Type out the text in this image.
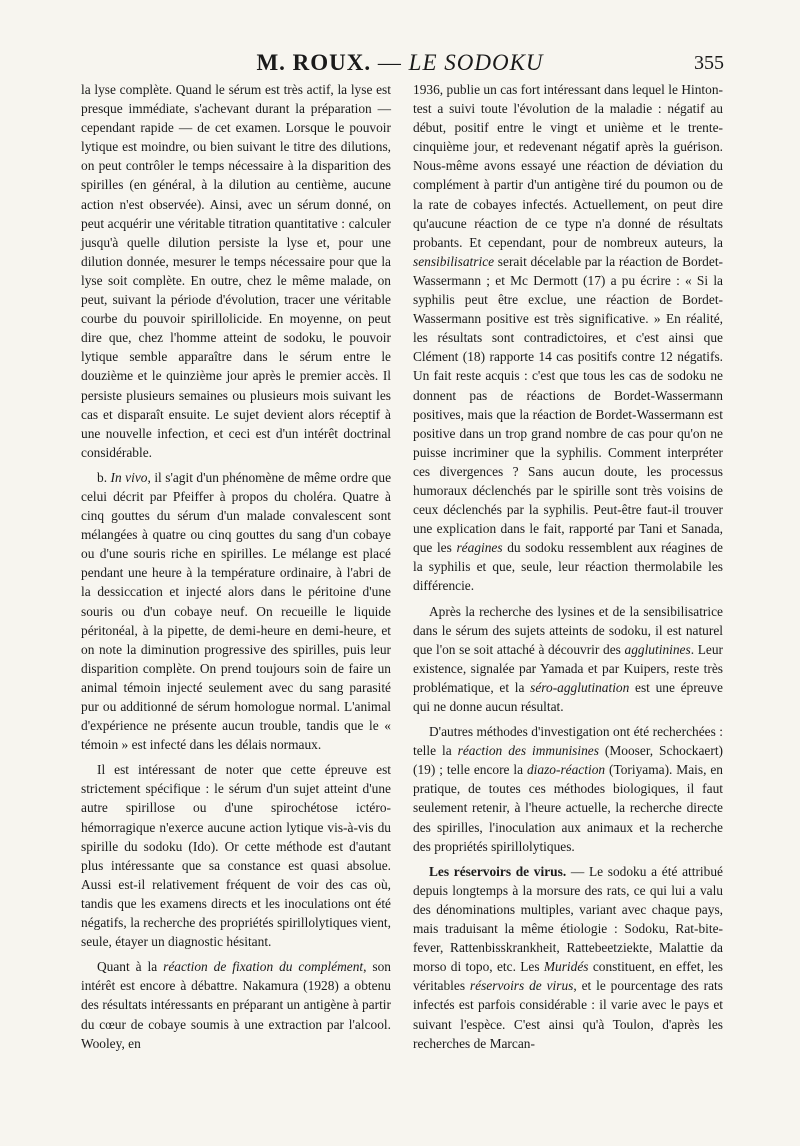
M. ROUX. — LE SODOKU	355

la lyse complète. Quand le sérum est très actif, la lyse est presque immédiate, s'achevant durant la préparation — cependant rapide — de cet examen. Lorsque le pouvoir lytique est moindre, ou bien suivant le titre des dilutions, on peut contrôler le temps nécessaire à la disparition des spirilles (en général, à la dilution au centième, aucune action n'est observée). Ainsi, avec un sérum donné, on peut acquérir une véritable titration quantitative : calculer jusqu'à quelle dilution persiste la lyse et, pour une dilution donnée, mesurer le temps nécessaire pour que la lyse soit complète. En outre, chez le même malade, on peut, suivant la période d'évolution, tracer une véritable courbe du pouvoir spirillolicide. En moyenne, on peut dire que, chez l'homme atteint de sodoku, le pouvoir lytique semble apparaître dans le sérum entre le douzième et le quinzième jour après le premier accès. Il persiste plusieurs semaines ou plusieurs mois suivant les cas et disparaît ensuite. Le sujet devient alors réceptif à une nouvelle infection, et ceci est d'un intérêt doctrinal considérable.

b. In vivo, il s'agit d'un phénomène de même ordre que celui décrit par Pfeiffer à propos du choléra. Quatre à cinq gouttes du sérum d'un malade convalescent sont mélangées à quatre ou cinq gouttes du sang d'un cobaye ou d'une souris riche en spirilles. Le mélange est placé pendant une heure à la température ordinaire, à l'abri de la dessiccation et injecté alors dans le péritoine d'une souris ou d'un cobaye neuf. On recueille le liquide péritonéal, à la pipette, de demi-heure en demi-heure, et on note la diminution progressive des spirilles, puis leur disparition complète. On prend toujours soin de faire un animal témoin injecté seulement avec du sang parasité pur ou additionné de sérum homologue normal. L'animal d'expérience ne présente aucun trouble, tandis que le « témoin » est infecté dans les délais normaux.

Il est intéressant de noter que cette épreuve est strictement spécifique : le sérum d'un sujet atteint d'une autre spirillose ou d'une spirochétose ictéro-hémorragique n'exerce aucune action lytique vis-à-vis du spirille du sodoku (Ido). Or cette méthode est d'autant plus intéressante que sa constance est quasi absolue. Aussi est-il relativement fréquent de voir des cas où, tandis que les examens directs et les inoculations ont été négatifs, la recherche des propriétés spirillolytiques vient, seule, étayer un diagnostic hésitant.

Quant à la réaction de fixation du complément, son intérêt est encore à débattre. Nakamura (1928) a obtenu des résultats intéressants en préparant un antigène à partir du cœur de cobaye soumis à une extraction par l'alcool. Wooley, en

1936, publie un cas fort intéressant dans lequel le Hinton-test a suivi toute l'évolution de la maladie : négatif au début, positif entre le vingt et unième et le trente-cinquième jour, et redevenant négatif après la guérison. Nous-même avons essayé une réaction de déviation du complément à partir d'un antigène tiré du poumon ou de la rate de cobayes infectés. Actuellement, on peut dire qu'aucune réaction de ce type n'a donné de résultats probants. Et cependant, pour de nombreux auteurs, la sensibilisatrice serait décelable par la réaction de Bordet-Wassermann ; et Mc Dermott (17) a pu écrire : « Si la syphilis peut être exclue, une réaction de Bordet-Wassermann positive est très significative. » En réalité, les résultats sont contradictoires, et c'est ainsi que Clément (18) rapporte 14 cas positifs contre 12 négatifs. Un fait reste acquis : c'est que tous les cas de sodoku ne donnent pas de réactions de Bordet-Wassermann positives, mais que la réaction de Bordet-Wassermann est positive dans un trop grand nombre de cas pour qu'on ne puisse incriminer que la syphilis. Comment interpréter ces divergences ? Sans aucun doute, les processus humoraux déclenchés par le spirille sont très voisins de ceux déclenchés par la syphilis. Peut-être faut-il trouver une explication dans le fait, rapporté par Tani et Sanada, que les réagines du sodoku ressemblent aux réagines de la syphilis et que, seule, leur réaction thermolabile les différencie.

Après la recherche des lysines et de la sensibilisatrice dans le sérum des sujets atteints de sodoku, il est naturel que l'on se soit attaché à découvrir des agglutinines. Leur existence, signalée par Yamada et par Kuipers, reste très problématique, et la séro-agglutination est une épreuve qui ne donne aucun résultat.

D'autres méthodes d'investigation ont été recherchées : telle la réaction des immunisines (Mooser, Schockaert) (19) ; telle encore la diazo-réaction (Toriyama). Mais, en pratique, de toutes ces méthodes biologiques, il faut seulement retenir, à l'heure actuelle, la recherche directe des spirilles, l'inoculation aux animaux et la recherche des propriétés spirillolytiques.

Les réservoirs de virus. — Le sodoku a été attribué depuis longtemps à la morsure des rats, ce qui lui a valu des dénominations multiples, variant avec chaque pays, mais traduisant la même étiologie : Sodoku, Rat-bite-fever, Rattenbisskrankheit, Rattebeetziekte, Malattie da morso di topo, etc. Les Muridés constituent, en effet, les véritables réservoirs de virus, et le pourcentage des rats infectés est parfois considérable : il varie avec le pays et suivant l'espèce. C'est ainsi qu'à Toulon, d'après les recherches de Marcan-
